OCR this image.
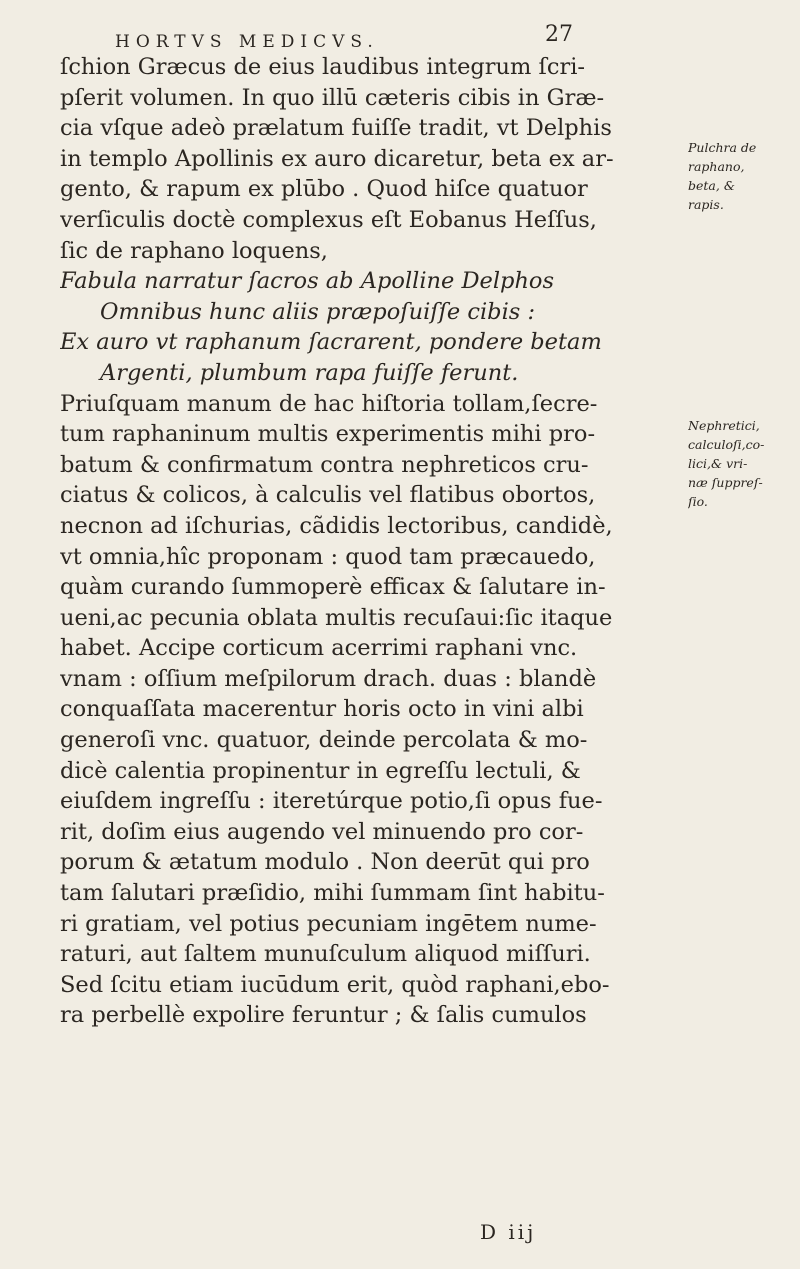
HORTVS MEDICVS.	27
ſchion Græcus de eius laudibus integrum ſcri-
pſerit volumen. In quo illū cæteris cibis in Græ-
cia vſque adeò prælatum fuiſſe tradit, vt Delphis
in templo Apollinis ex auro dicaretur, beta ex ar-
gento, & rapum ex plūbo . Quod hiſce quatuor
verſiculis doctè complexus eſt Eobanus Heſſus,
ſic de raphano loquens,
Fabula narratur ſacros ab Apolline Delphos
Omnibus hunc aliis præpoſuiſſe cibis :
Ex auro vt raphanum ſacrarent, pondere betam
Argenti, plumbum rapa fuiſſe ferunt.
Priuſquam manum de hac hiſtoria tollam,ſecre-
tum raphaninum multis experimentis mihi pro-
batum & confirmatum contra nephreticos cru-
ciatus & colicos, à calculis vel flatibus obortos,
necnon ad iſchurias, cãdidis lectoribus, candidè,
vt omnia,hîc proponam : quod tam præcauedo,
quàm curando ſummoperè efficax & ſalutare in-
ueni,ac pecunia oblata multis recuſaui:ſic itaque
habet. Accipe corticum acerrimi raphani vnc.
vnam : oſſium meſpilorum drach. duas : blandè
conquaſſata macerentur horis octo in vini albi
generoſi vnc. quatuor, deinde percolata & mo-
dicè calentia propinentur in egreſſu lectuli, &
eiuſdem ingreſſu : iteretúrque potio,ſi opus fue-
rit, doſim eius augendo vel minuendo pro cor-
porum & ætatum modulo . Non deerūt qui pro
tam ſalutari præſidio, mihi ſummam ſint habitu-
ri gratiam, vel potius pecuniam ingētem nume-
raturi, aut ſaltem munuſculum aliquod miſſuri.
Sed ſcitu etiam iucūdum erit, quòd raphani,ebo-
ra perbellè expolire feruntur ; & ſalis cumulos
Pulchra de
raphano,
beta, &
rapis.
Nephretici,
calculoſi,co-
lici,& vri-
næ ſuppreſ-
ſio.
D iij
